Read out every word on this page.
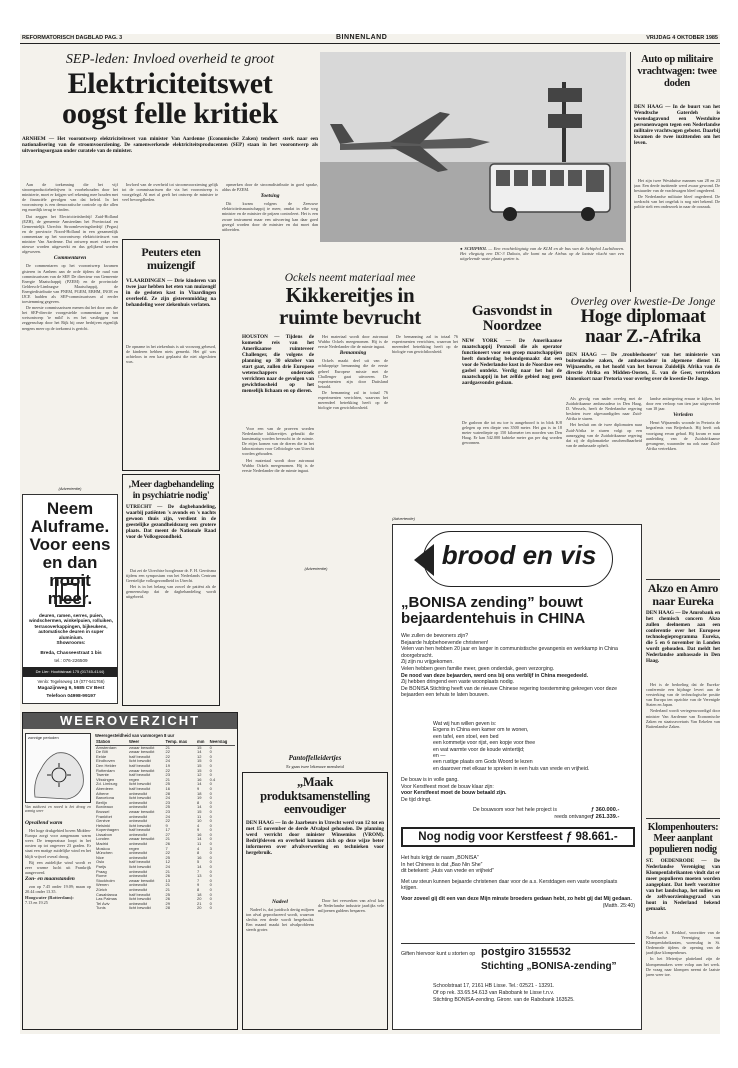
REFORMATORISCH DAGBLAD PAG. 3	BINNENLAND	VRIJDAG 4 OKTOBER 1985
SEP-leden: Invloed overheid te groot
Elektriciteitswet
oogst felle kritiek
ARNHEM — Het voorontwerp elektriciteitswet van minister Van Aardenne (Economische Zaken) tendeert sterk naar een nationalisering van de stroomvoorziening. De samenwerkende elektriciteitsproducenten (SEP) staan in het voorontwerp als uitvoeringsorgaan onder curatele van de minister.

Aan de toekenning die het vijf stroomproductiebedrijven is voorbehouden door het ministerie, moet er krijgen wel rekening mee houden met de financiële gevolgen van dat beleid. In het voorontwerp is een democratische controle op die allen erg moeilijk terug te vinden.

Dat zeggen het Electriciteitsbedrijf Zuid-Holland (EZH), de gemeente Amsterdam het Provinciaal en Gemeentelijk Utrechts Stroomleveringsbedrijf (Pegus) en de provincie Noord-Holland in een gezamenlijk commentaar op het voorontwerp elektriciteitswet van minister Van Aardenne. Dat ontwerp moet vaker een nieuwe worden uitgewerkt en dus gelijkend worden afgewezen.

Commentaren

De commentaren op het voorontwerp kwamen gisteren in Arnhem aan de orde tijdens de raad van commissarissen van de SEP. De directeur van Gemeente Energie Maatschappij (PZEM) en de provinciale Geldersch-Limburgse Maatschappij, de Energiedistributie van PNEM, PGEM, EBHM, INOE en IJCE hadden als SEP-commissarissen al eerder toestemming gegeven.

De meeste commissarissen menen dat het door ons die het SEP-directie voorgestelde commentaar op het wetsontwerp 'te mild' is en het vastleggen van zeggenschap door het Rijk bij onze bedrijven eigenlijk nergens meer op de toekomst is gericht.

Invloed van de overheid tot stroomvoorziening gelijk tot de commissarissen die via het voorontwerp is voorgelegd. Al met al geeft het ontwerp de minister te veel bevoegdheden.

opmerken door de stroomdistributie in goed sprake, aldus de PZEM.

Toetsing

Dit kwam volgens de Zeeuwse elektriciteitsmaatschappij te meer, omdat in elke weg minister en de minister de prijzen controleert. Het is een zware instrument maar een uitvoering kan daar goed gezegd worden door de minister en dat moet dan uitbreiden.

Peuters eten muizengif
VLAARDINGEN — Drie kinderen van twee jaar hebben het eten van muizengif in de gesloten kast in Vlaardingen overleefd. Ze zijn gisterenmiddag na behandeling weer ziekenhuis verlaten.
De opname in het ziekenhuis is uit voorzorg gebeurd, de kinderen hebben niets gemerkt. Het gif was achteloos in een kast geplaatst die niet afgesloten was.
‚Meer dagbehandeling in psychiatrie nodig'
UTRECHT — De dagbehandeling, waarbij patiënten 's avonds en 's nachts gewoon thuis zijn, verdient in de geestelijke gezondheidszorg een grotere plaats. Dat meent de Nationale Raad voor de Volksgezondheid.

Dat zei de Utrechtse hoogleraar dr. F. H. Gerritsma tijdens een symposium van het Nederlands Centrum Geestelijke volksgezondheid in Utrecht.

Het is in het belang van zowel de patiënt als de gemeenschap dat de dagbehandeling wordt uitgebreid.

(Advertentie)
Neem Aluframe. Voor eens en dan nooit meer.
deuren, ramen, serres, puien, windschermen, winkelpuien, rolluiken, terrasoverkappingen, bijkeukens, automatische deuren in super aluminium.
Showrooms:
Breda, Chasseestraat 1 bis
tel.: 076-226509
De Lier: Hoofdstraat 175 (01745-4144)
Venlo: Tegelseweg 19 (077-541766)
Magazijnweg 9, 5685 CV Best
Telefoon 04998-99197
● SCHIPHOL — Een vrachtvliegtuig van de KLM en de bus van de Schiphol Luchthaven. Het vliegtuig een DC-3 Dakota, die komt na de Airbus op de laatste vlucht van een uitgeleende vaste plaats gezien is.
Ockels neemt materiaal mee
Kikkereitjes in
ruimte bevrucht
HOUSTON — Tijdens de komende reis van het Amerikaanse ruimteveer Challenger, die volgens de planning op 30 oktober van start gaat, zullen drie Europese wetenschappers onderzoek verrichten naar de gevolgen van gewichtloosheid op het menselijk lichaam en op dieren.

Voor een van de proeven worden Nederlandse kikkereitjes gebruikt die kunstmatig worden bevrucht in de ruimte. De eitjes komen van de dieren die in het laboratorium voor Celbiologie van Utrecht worden gehouden.

Het materiaal wordt door astronaut Wubbo Ockels meegenomen. Hij is de eerste Nederlander die de ruimte ingaat.

Het materiaal wordt door astronaut Wubbo Ockels meegenomen. Hij is de eerste Nederlander die de ruimte ingaat.

Bemanning

Ockels maakt deel uit van de achtkoppige bemanning die de eerste geheel Europese missie met de Challenger gaat uitvoeren. De experimenten zijn door Duitsland betaald.

De bemanning zal in totaal 76 experimenten verrichten, waarvan het merendeel betrekking heeft op de biologie van gewichtloosheid.

De bemanning zal in totaal 76 experimenten verrichten, waarvan het merendeel betrekking heeft op de biologie van gewichtloosheid.

Gasvondst in Noordzee
NEW YORK — De Amerikaanse maatschappij Pennzoil die als operator functioneert voor een groep maatschappijen heeft donderdag bekendgemaakt dat een voor de Nederlandse kust in de Noordzee een gasbel ontdekt. Verdig naar het hol de maatschappij in het zelfde gebied nog geen aardgasvondst gedaan.
De gasbron die tot nu toe is aangeboord is in blok K/8 gelegen op een diepte van 3500 meter. Het gas is in 18 meter waterdiepte op 150 kilometer ten noorden van Den Haag. Er kan 542.000 kubieke meter gas per dag worden gewonnen.
Auto op militaire vrachtwagen: twee doden
DEN HAAG — In de buurt van het Wendtsche Gaterdeh is woensdagavond een Westduitse personenwagen tegen een Nederlandse militaire vrachtwagen gebotst. Daarbij kwamen de twee inzittenden om het leven.

Het zijn twee Westduitse mannen van 28 en 23 jaar. Een derde inzittende werd zwaar gewond. De bestuurder van de vrachtwagen bleef ongedeerd.

De Nederlandse militaire bleef ongedeerd. De toedracht van het ongeluk is nog niet bekend. De politie stelt een onderzoek in naar de oorzaak.

Overleg over kwestie-De Jonge
Hoge diplomaat
naar Z.-Afrika
DEN HAAG — De ‚troubleshooter' van het ministerie van buitenlandse zaken, de ambassadeur in algemene dienst H. Wijnaendts, en het hoofd van het bureau Zuidelijk Afrika van de directie Afrika en Midden-Oosten, E. van de Geer, vertrekken binnenkort naar Pretoria voor overleg over de kwestie-De Jonge.

Als gevolg van nader overleg met de Zuidafrikaanse ambassadeur in Den Haag, D. Wessels, heeft de Nederlandse regering besloten twee afgevaardigden naar Zuid-Afrika te sturen.

Het besluit om de twee diplomaten naar Zuid-Afrika te sturen volgt op een aanzegging van de Zuidafrikaanse regering dat zij de diplomatieke onschendbaarheid van de ambassade opheft.

landse antiregering ernaar te kijken, het door een verloop van tien jaar uitgevoerde van 18 jaar.

Verleden

Henri Wijnaendts woonde in Pretoria de begrafenis van Beijerbach. Hij heeft ook voortgang ervan gehad. Hij kwam er naar aanleiding van de Zuidafrikaanse gevangene, waaronder nu ook naar Zuid-Afrika vertrekken.

Akzo en Amro naar Eureka
DEN HAAG — De Amrobank en het chemisch concern Akzo zullen deelnemen aan een conferentie over het Europese technologieprogramma Eureka, die 5 en 6 november in Londen wordt gehouden. Dat meldt het Nederlandse ambassade in Den Haag.

Het is de bedoeling dat de Eureka-conferentie een bijdrage levert aan de versterking van de technologische positie van Europa ten opzichte van de Verenigde Staten en Japan.

Nederland wordt vertegenwoordigd door minister Van Aardenne van Economische Zaken en staatssecretaris Van Eekelen van Buitenlandse Zaken.

Klompenhouters: Meer aanplant populieren nodig
ST. OEDENRODE — De Nederlandse Vereniging van Klompenfabrikanten vindt dat er meer populieren moeten worden aangeplant. Dat heeft voorzitter van het landschap, het milieu en de zelfvoorzieningsgraad van hout in Nederland bekend gemaakt.

Dat zei A. Kerkhof, voorzitter van de Nederlandse Vereniging van Klompenfabrikanten, woensdag in St. Oedenrode tijdens de opening van de jaarlijkse klompenbeurs.

In het Meierijse platteland zijn de klompenmakers weer volop aan het werk. De vraag naar klompen neemt de laatste jaren weer toe.

(Advertentie)
brood en vis
„BONISA zending” bouwt bejaardentehuis in CHINA
Wie zullen de bewoners zijn?
Bejaarde hulpbehoevende christenen!
Velen van hen hebben 20 jaar en langer in communistische gevangenis en werkkamp in China doorgebracht.
Zij zijn nu vrijgekomen.
Velen hebben geen familie meer, geen onderdak, geen verzorging.
De nood van deze bejaarden, werd ons bij ons verblijf in China meegedeeld.
Zij hebben dringend een vaste woonplaats nodig.
De BONISA Stichting heeft van de nieuwe Chinese regering toestemming gekregen voor deze bejaarden een tehuis te laten bouwen.
Wat wij hun willen geven is:
Ergens in China een kamer om te wonen,
een tafel, een stoel, een bed
een kommetje voor rijst, een kopje voor thee
en wat warmte voor de koude wintertijd;
en —
een rustige plaats om Gods Woord te lezen
en daarover met elkaar te spreken in een huis van vrede en vrijheid.
De bouw is in volle gang.
Voor Kerstfeest moet de bouw klaar zijn:
voor Kerstfeest moet de bouw betaald zijn.
De tijd dringt.
De bouwsom voor het hele project is
reeds ontvangen
ƒ 360.000.-
ƒ 261.339.-
Nog nodig voor Kerstfeest ƒ 98.661.-
Het huis krijgt de naam „BONISA”
In het Chinees is dat „Bao Nin She”
dit betekent: „Huis van vrede en vrijheid”
Met uw steun kunnen bejaarde christenen daar voor de a.s. Kerstdagen een vaste woonplaats krijgen.
Voor zoveel gij dit een van deze Mijn minste broeders gedaan hebt, zo hebt gij dat Mij gedaan.
(Matth. 25:40)
Giften hiervoor kunt u storten op postgiro 3155532
Stichting „BONISA-zending”
Schoolstraat 17, 2161 HB Lisse. Tel.: 02521 - 13291.
Of op rek. 33.65.54.613 van Rabobank te Lisse t.n.v.
Stichting BONISA-zending. Gironr. van de Rabobank 163525.
Pantoffelleidertjes
Er gaan twee lekenoze mensheid
„Maak produktsamenstelling eenvoudiger
DEN HAAG — In de Jaarbeurs in Utrecht werd van 12 tot en met 15 november de derde Afvalpol gehouden. De planning werd verricht door minister Winsemius (VROM). Bedrijfsleven en overheid kunnen zich op deze wijze beter informeren over afvalverwerking en technieken voor hergebruik.
Nadeel

Nadeel is, dat juridisch dertig miljoen ton afval geproduceerd wordt, waarvan slechts een derde wordt hergebruikt. Een maand maakt het afvalprobleem steeds groter.

Door het verwerken van afval kan de Nederlandse industrie jaarlijks vele miljoenen guldens besparen.

WEEROVERZICHT
zonnige perioden
Van zuidwest en noord is het droog en zonnig weer
Opvallend warm

Het hoge drukgebied boven Midden-Europa zorgt voor aangenaam warm weer. De temperatuur loopt in het oosten op tot ongeveer 23 graden. Er staat een matige zuidelijke wind en het blijft vrijwel overal droog.

Bij een zuidelijke wind wordt er zeer warme lucht uit Frankrijk aangevoerd.

Zon- en maanstanden

zon op 7.45 onder 19.09; maan op 20.44 onder 13.35.

Hoogwater (Rotterdam):
7.13 en 19.25
Weersgesteldheid van vanmorgen 8 uur
Station	Weer	Temp. max	min	Neerslag
Amsterdam	zwaar bewolkt	21	15	0
De Bilt	zwaar bewolkt	22	14	0
Eelde	half bewolkt	22	12	0
Eindhoven	licht bewolkt	24	15	0
Den Helder	half bewolkt	19	15	0
Rotterdam	zwaar bewolkt	22	15	0
Twente	half bewolkt	23	12	0
Vlissingen	regen	21	16	0.4
Zd. Limburg	licht bewolkt	25	14	0
Aberdeen	half bewolkt	16	9	0
Athene	onbewolkt	28	18	0
Barcelona	licht bewolkt	24	19	0
Berlijn	onbewolkt	23	8	0
Bordeaux	onbewolkt	25	14	0
Brussel	zwaar bewolkt	23	15	0
Frankfort	onbewolkt	24	11	0
Genève	onbewolkt	22	10	0
Helsinki	licht bewolkt	9	4	0
Kopenhagen	half bewolkt	17	9	0
Lissabon	onbewolkt	27	16	0
Londen	zwaar bewolkt	21	14	0
Madrid	onbewolkt	26	11	0
Moskou	regen	7	4	3
München	onbewolkt	22	8	0
Nice	onbewolkt	25	16	0
Oslo	half bewolkt	12	5	0
Parijs	licht bewolkt	24	14	0
Praag	onbewolkt	21	7	0
Rome	onbewolkt	26	13	0
Stockholm	zwaar bewolkt	13	7	0
Wenen	onbewolkt	21	9	0
Zürich	onbewolkt	21	8	0
Casablanca	half bewolkt	25	18	0
Las Palmas	licht bewolkt	26	20	0
Tel Aviv	onbewolkt	29	21	0
Tunis	licht bewolkt	28	20	0
(Advertentie)
